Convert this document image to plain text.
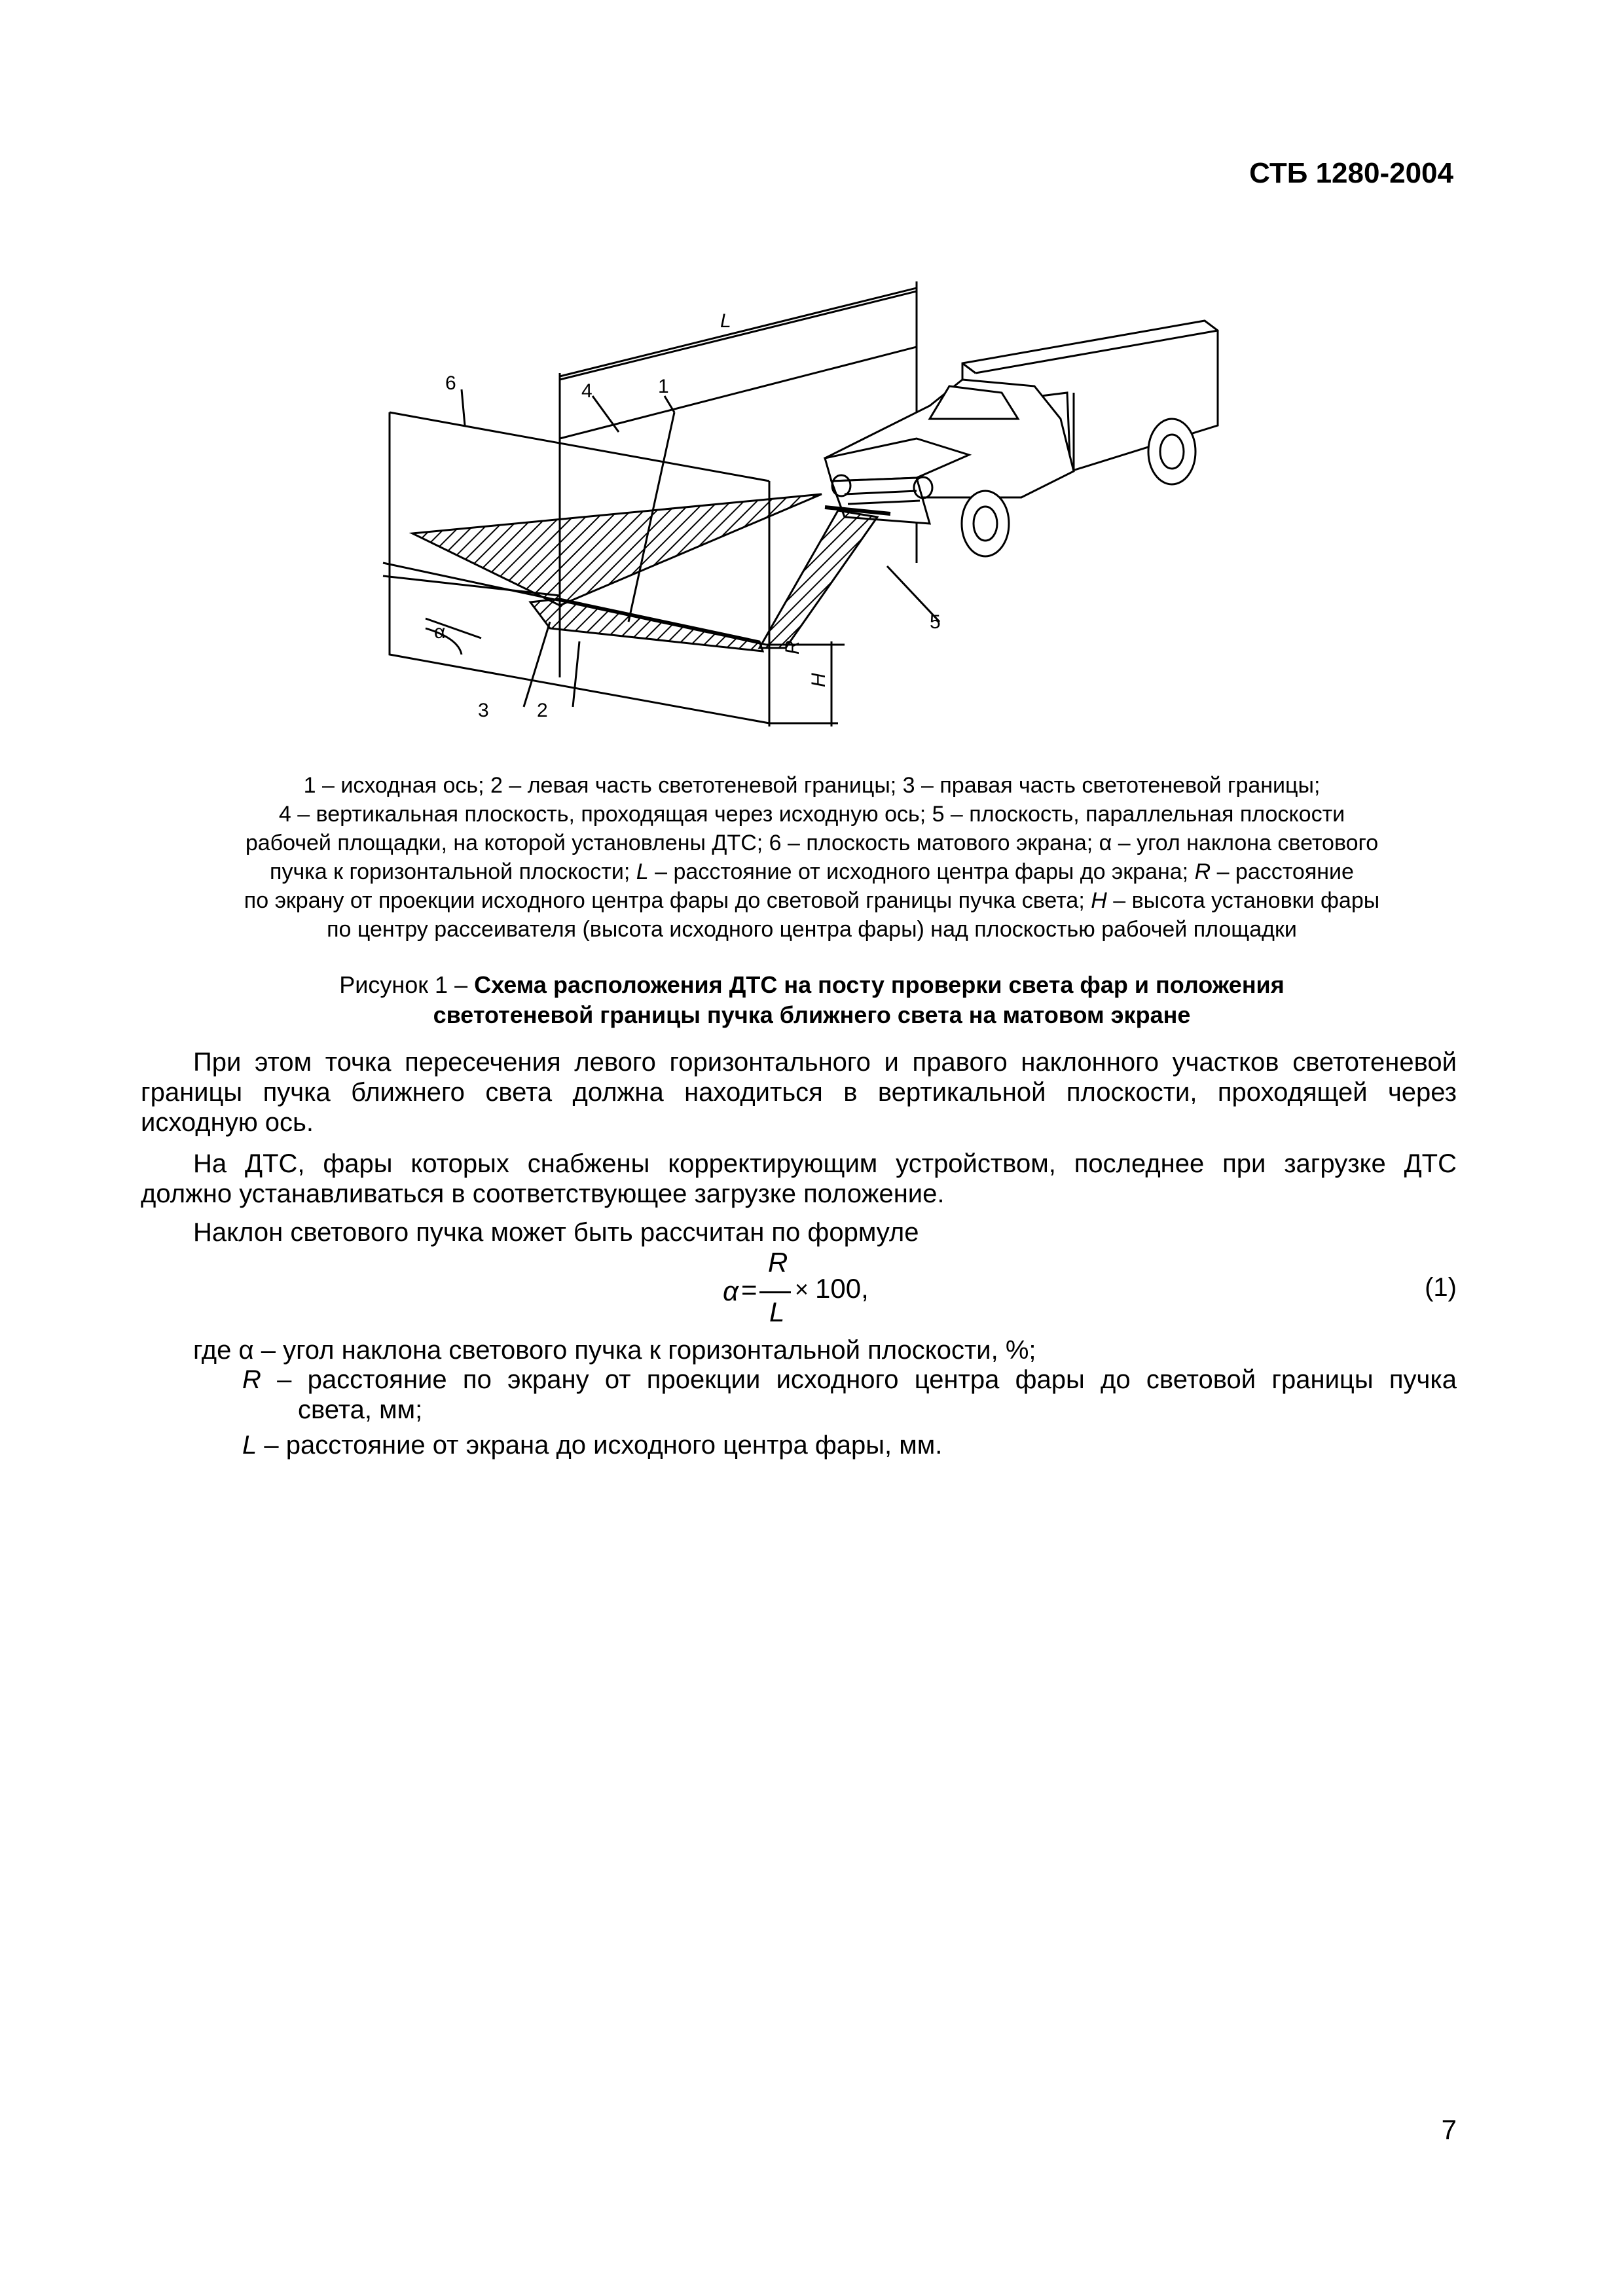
СТБ 1280-2004
L
6	4	1
α
3 2
R
H
5
1 – исходная ось; 2 – левая часть светотеневой границы; 3 – правая часть светотеневой границы;
4 – вертикальная плоскость, проходящая через исходную ось; 5 – плоскость, параллельная плоскости
рабочей площадки, на которой установлены ДТС; 6 – плоскость матового экрана; α – угол наклона светового
пучка к горизонтальной плоскости; L – расстояние от исходного центра фары до экрана; R – расстояние
по экрану от проекции исходного центра фары до световой границы пучка света; H – высота установки фары
по центру рассеивателя (высота исходного центра фары) над плоскостью рабочей площадки
Рисунок 1 – Схема расположения ДТС на посту проверки света фар и положения
светотеневой границы пучка ближнего света на матовом экране
При этом точка пересечения левого горизонтального и правого наклонного участков светотеневой
границы пучка ближнего света должна находиться в вертикальной плоскости, проходящей через
исходную ось.
На ДТС, фары которых снабжены корректирующим устройством, последнее при загрузке ДТС
должно устанавливаться в соответствующее загрузке положение.
Наклон светового пучка может быть рассчитан по формуле
α =
R
L
× 100,	(1)
где α – угол наклона светового пучка к горизонтальной плоскости, %;
R – расстояние по экрану от проекции исходного центра фары до световой границы пучка
света, мм;
L – расстояние от экрана до исходного центра фары, мм.
7
